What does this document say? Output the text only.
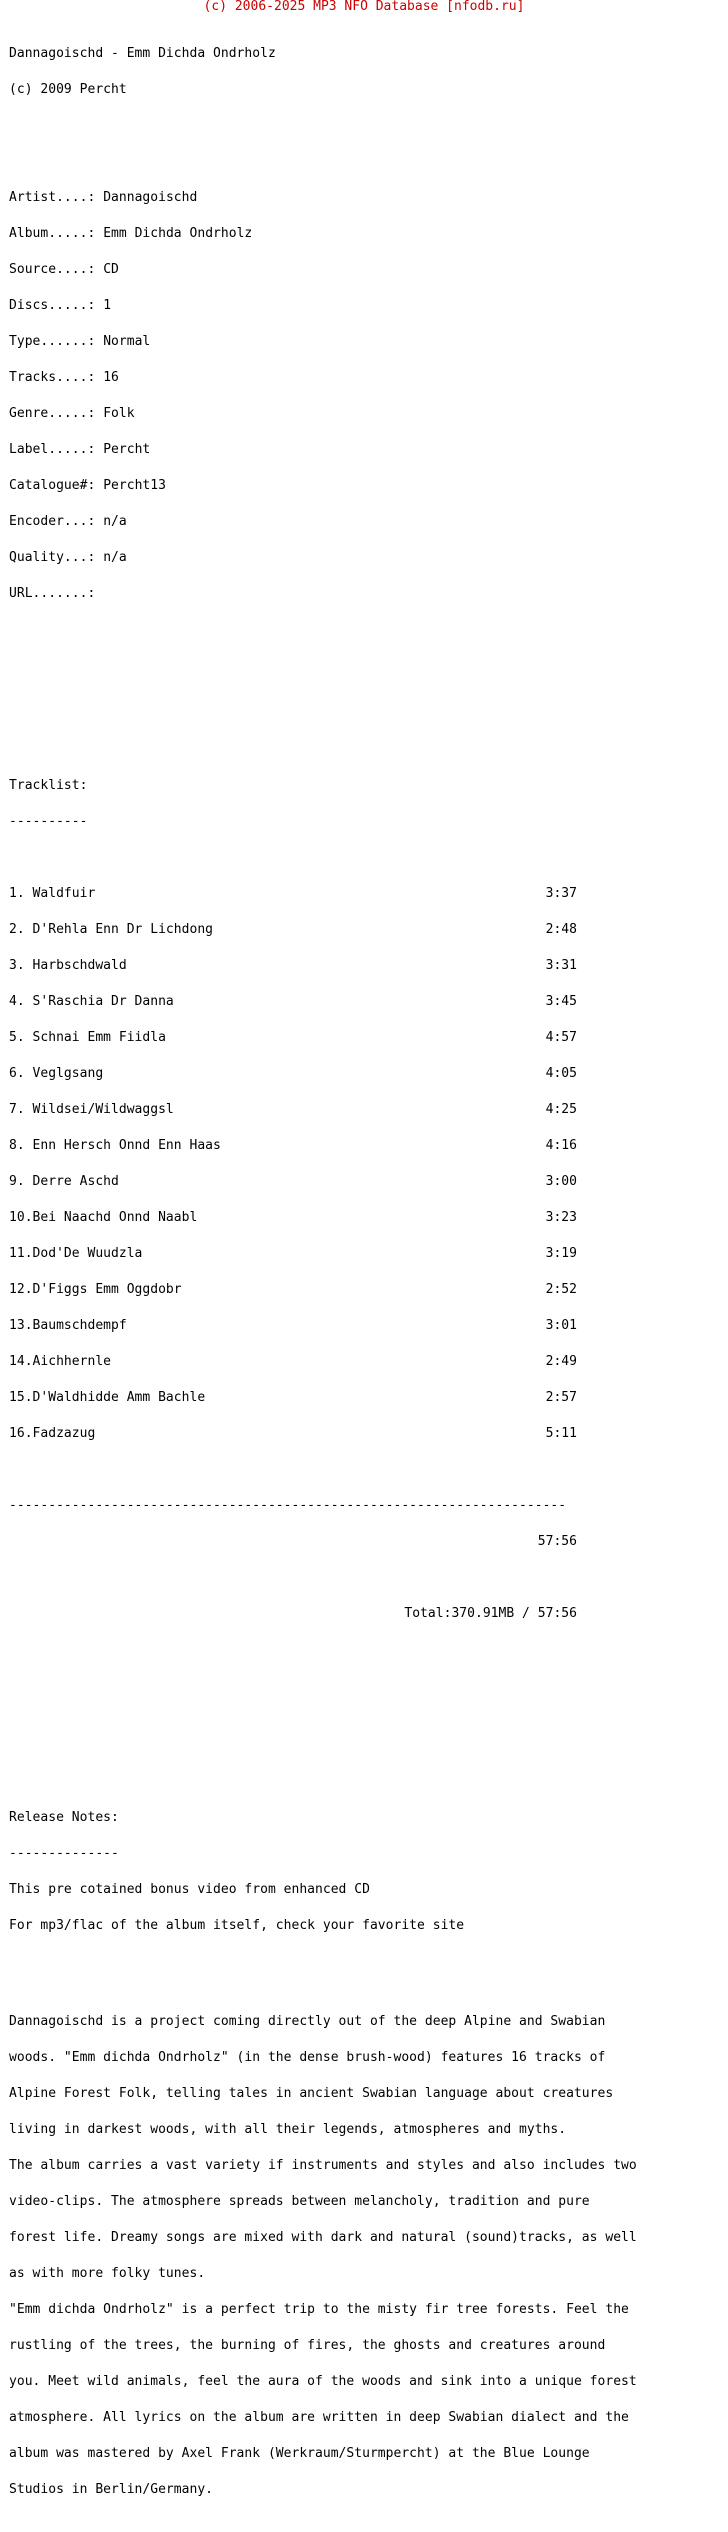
(c) 2006-2025 MP3 NFO Database [nfodb.ru]

Dannagoischd - Emm Dichda Ondrholz

(c) 2009 Percht

Artist....: Dannagoischd

Album.....: Emm Dichda Ondrholz

Source....: CD

Discs.....: 1

Type......: Normal

Tracks....: 16

Genre.....: Folk

Label.....: Percht

Catalogue#: Percht13

Encoder...: n/a

Quality...: n/a

URL.......:

Tracklist:

----------

1. Waldfuir	3:37

2. D'Rehla Enn Dr Lichdong	2:48

3. Harbschdwald	3:31

4. S'Raschia Dr Danna	3:45

5. Schnai Emm Fiidla	4:57

6. Veglgsang	4:05

7. Wildsei/Wildwaggsl	4:25

8. Enn Hersch Onnd Enn Haas	4:16

9. Derre Aschd	3:00

10.Bei Naachd Onnd Naabl	3:23

11.Dod'De Wuudzla	3:19

12.D'Figgs Emm Oggdobr	2:52

13.Baumschdempf	3:01

14.Aichhernle	2:49

15.D'Waldhidde Amm Bachle	2:57

16.Fadzazug	5:11

-----------------------------------------------------------------------

57:56

Total:370.91MB / 57:56

Release Notes:

--------------

This pre cotained bonus video from enhanced CD

For mp3/flac of the album itself, check your favorite site

Dannagoischd is a project coming directly out of the deep Alpine and Swabian

woods. "Emm dichda Ondrholz" (in the dense brush-wood) features 16 tracks of

Alpine Forest Folk, telling tales in ancient Swabian language about creatures

living in darkest woods, with all their legends, atmospheres and myths.

The album carries a vast variety if instruments and styles and also includes two

video-clips. The atmosphere spreads between melancholy, tradition and pure

forest life. Dreamy songs are mixed with dark and natural (sound)tracks, as well

as with more folky tunes.

"Emm dichda Ondrholz" is a perfect trip to the misty fir tree forests. Feel the

rustling of the trees, the burning of fires, the ghosts and creatures around

you. Meet wild animals, feel the aura of the woods and sink into a unique forest

atmosphere. All lyrics on the album are written in deep Swabian dialect and the

album was mastered by Axel Frank (Werkraum/Sturmpercht) at the Blue Lounge

Studios in Berlin/Germany.
